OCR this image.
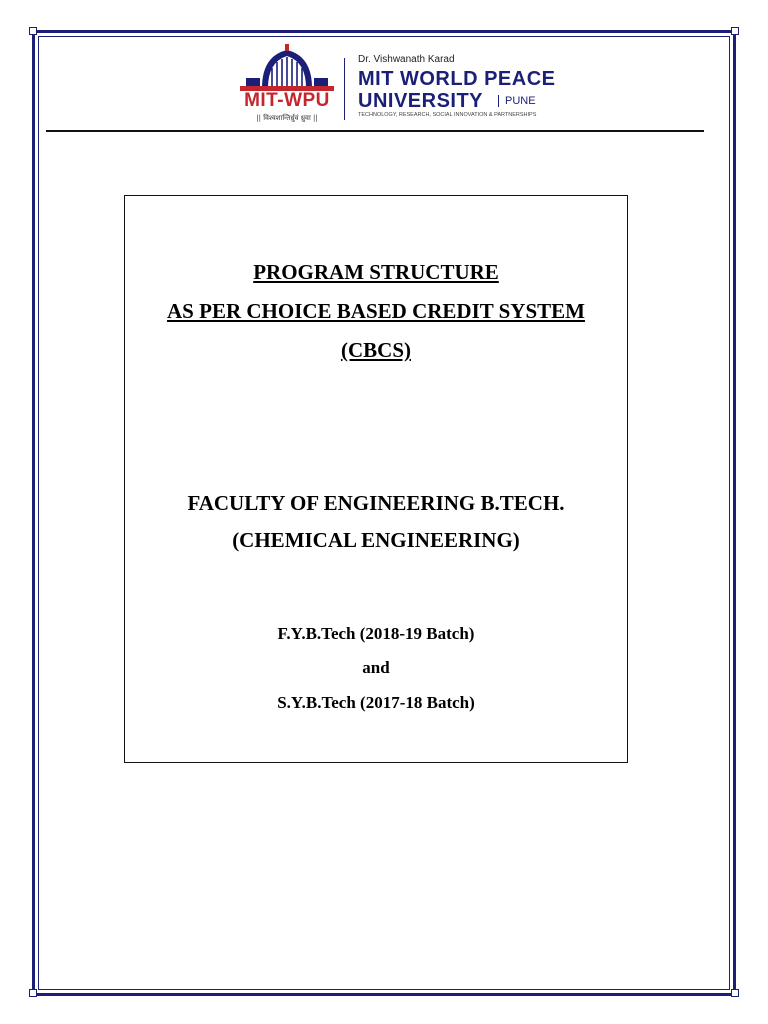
MIT-WPU
|| विश्वशान्तिर्ध्रुवं ध्रुवा ||
Dr. Vishwanath Karad
MIT WORLD PEACE
UNIVERSITY	PUNE
TECHNOLOGY, RESEARCH, SOCIAL INNOVATION & PARTNERSHIPS
PROGRAM STRUCTURE
AS PER CHOICE BASED CREDIT SYSTEM
(CBCS)
FACULTY OF ENGINEERING B.TECH.
(CHEMICAL ENGINEERING)
F.Y.B.Tech (2018-19 Batch)
and
S.Y.B.Tech (2017-18 Batch)
